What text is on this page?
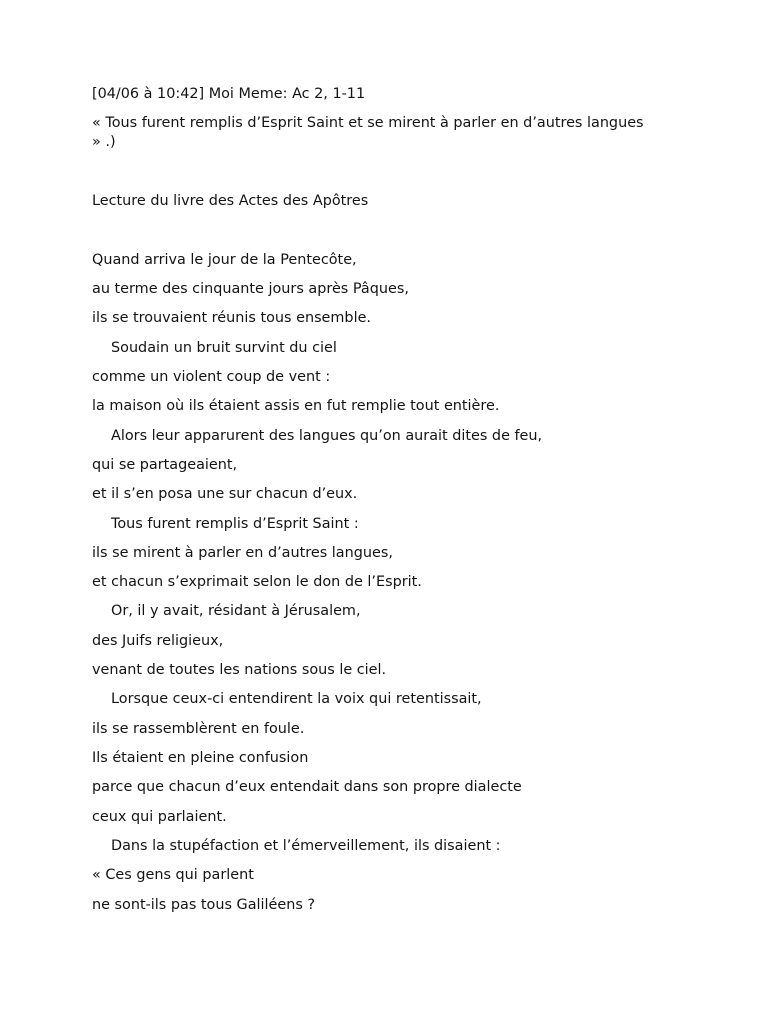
[04/06 à 10:42] Moi Meme: Ac 2, 1-11
« Tous furent remplis d’Esprit Saint et se mirent à parler en d’autres langues » .)
Lecture du livre des Actes des Apôtres
Quand arriva le jour de la Pentecôte,
au terme des cinquante jours après Pâques,
ils se trouvaient réunis tous ensemble.
Soudain un bruit survint du ciel
comme un violent coup de vent :
la maison où ils étaient assis en fut remplie tout entière.
Alors leur apparurent des langues qu’on aurait dites de feu,
qui se partageaient,
et il s’en posa une sur chacun d’eux.
Tous furent remplis d’Esprit Saint :
ils se mirent à parler en d’autres langues,
et chacun s’exprimait selon le don de l’Esprit.
Or, il y avait, résidant à Jérusalem,
des Juifs religieux,
venant de toutes les nations sous le ciel.
Lorsque ceux-ci entendirent la voix qui retentissait,
ils se rassemblèrent en foule.
Ils étaient en pleine confusion
parce que chacun d’eux entendait dans son propre dialecte
ceux qui parlaient.
Dans la stupéfaction et l’émerveillement, ils disaient :
« Ces gens qui parlent
ne sont-ils pas tous Galiléens ?
